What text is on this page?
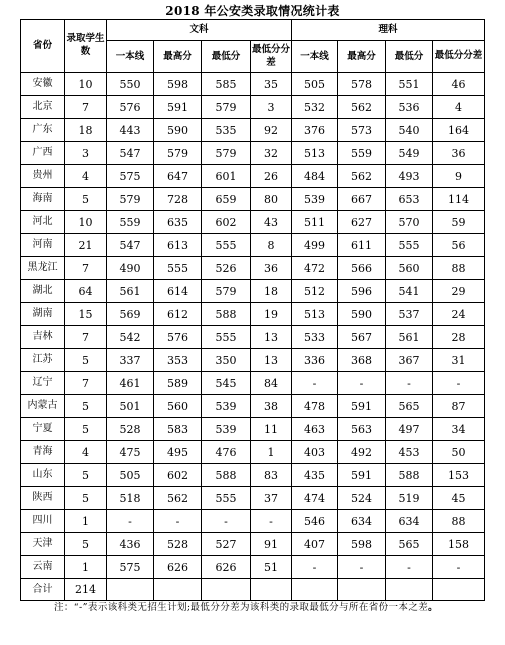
2018 年公安类录取情况统计表
省份	录取学生数	文科				理科			
		一本线	最高分	最低分	最低分分差	一本线	最高分	最低分	最低分分差
安徽	10	550	598	585	35	505	578	551	46
北京	7	576	591	579	3	532	562	536	4
广东	18	443	590	535	92	376	573	540	164
广西	3	547	579	579	32	513	559	549	36
贵州	4	575	647	601	26	484	562	493	9
海南	5	579	728	659	80	539	667	653	114
河北	10	559	635	602	43	511	627	570	59
河南	21	547	613	555	8	499	611	555	56
黑龙江	7	490	555	526	36	472	566	560	88
湖北	64	561	614	579	18	512	596	541	29
湖南	15	569	612	588	19	513	590	537	24
吉林	7	542	576	555	13	533	567	561	28
江苏	5	337	353	350	13	336	368	367	31
辽宁	7	461	589	545	84	-	-	-	-
内蒙古	5	501	560	539	38	478	591	565	87
宁夏	5	528	583	539	11	463	563	497	34
青海	4	475	495	476	1	403	492	453	50
山东	5	505	602	588	83	435	591	588	153
陕西	5	518	562	555	37	474	524	519	45
四川	1	-	-	-	-	546	634	634	88
天津	5	436	528	527	91	407	598	565	158
云南	1	575	626	626	51	-	-	-	-
合计	214								
注：“-”表示该科类无招生计划;最低分分差为该科类的录取最低分与所在省份一本之差。
